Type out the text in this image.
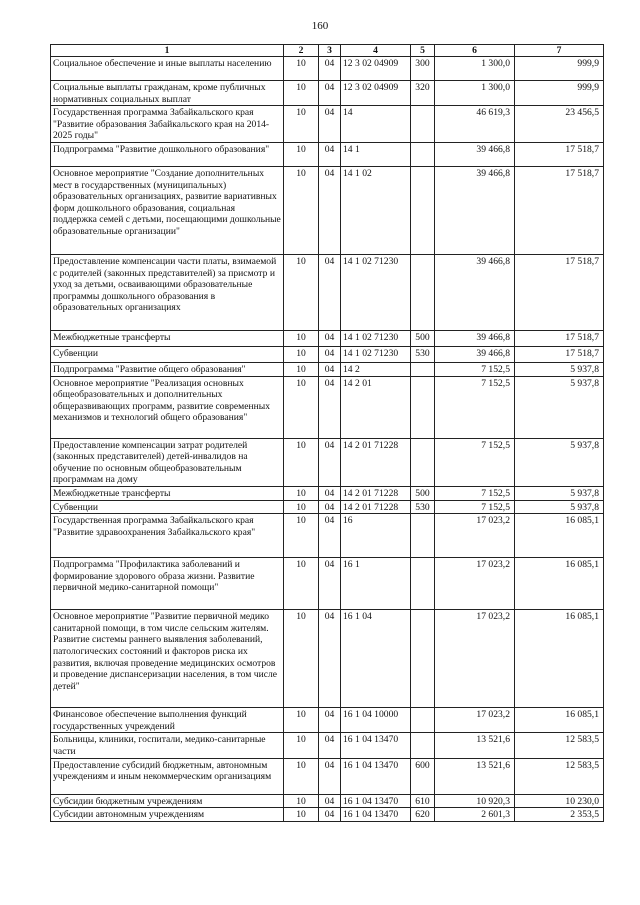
160
1	2	3	4	5	6	7
Социальное обеспечение и иные выплаты населению	10	04	12 3 02 04909	300	1 300,0	999,9
Социальные выплаты гражданам, кроме публичных нормативных социальных выплат	10	04	12 3 02 04909	320	1 300,0	999,9
Государственная программа Забайкальского края "Развитие образования Забайкальского края на 2014-2025 годы"	10	04	14		46 619,3	23 456,5
Подпрограмма "Развитие дошкольного образования"	10	04	14 1		39 466,8	17 518,7
Основное мероприятие "Создание дополнительных мест в государственных (муниципальных) образовательных организациях, развитие вариативных форм дошкольного образования, социальная поддержка семей с детьми, посещающими дошкольные образовательные организации"	10	04	14 1 02		39 466,8	17 518,7
Предоставление компенсации части платы, взимаемой с родителей (законных представителей) за присмотр и уход за детьми, осваивающими образовательные программы дошкольного образования в образовательных организациях	10	04	14 1 02 71230		39 466,8	17 518,7
Межбюджетные трансферты	10	04	14 1 02 71230	500	39 466,8	17 518,7
Субвенции	10	04	14 1 02 71230	530	39 466,8	17 518,7
Подпрограмма "Развитие общего образования"	10	04	14 2		7 152,5	5 937,8
Основное мероприятие "Реализация основных общеобразовательных и дополнительных общеразвивающих программ, развитие современных механизмов и технологий общего образования"	10	04	14 2 01		7 152,5	5 937,8
Предоставление компенсации затрат родителей (законных представителей) детей-инвалидов на обучение по основным общеобразовательным программам на дому	10	04	14 2 01 71228		7 152,5	5 937,8
Межбюджетные трансферты	10	04	14 2 01 71228	500	7 152,5	5 937,8
Субвенции	10	04	14 2 01 71228	530	7 152,5	5 937,8
Государственная программа Забайкальского края "Развитие здравоохранения Забайкальского края"	10	04	16		17 023,2	16 085,1
Подпрограмма "Профилактика заболеваний и формирование здорового образа жизни. Развитие первичной медико-санитарной помощи"	10	04	16 1		17 023,2	16 085,1
Основное мероприятие "Развитие первичной медико санитарной помощи, в том числе сельским жителям. Развитие системы раннего выявления заболеваний, патологических состояний и факторов риска их развития, включая проведение медицинских осмотров и проведение диспансеризации населения, в том числе детей"	10	04	16 1 04		17 023,2	16 085,1
Финансовое обеспечение выполнения функций государственных учреждений	10	04	16 1 04 10000		17 023,2	16 085,1
Больницы, клиники, госпитали, медико-санитарные части	10	04	16 1 04 13470		13 521,6	12 583,5
Предоставление субсидий бюджетным, автономным учреждениям и иным некоммерческим организациям	10	04	16 1 04 13470	600	13 521,6	12 583,5
Субсидии бюджетным учреждениям	10	04	16 1 04 13470	610	10 920,3	10 230,0
Субсидии автономным учреждениям	10	04	16 1 04 13470	620	2 601,3	2 353,5
